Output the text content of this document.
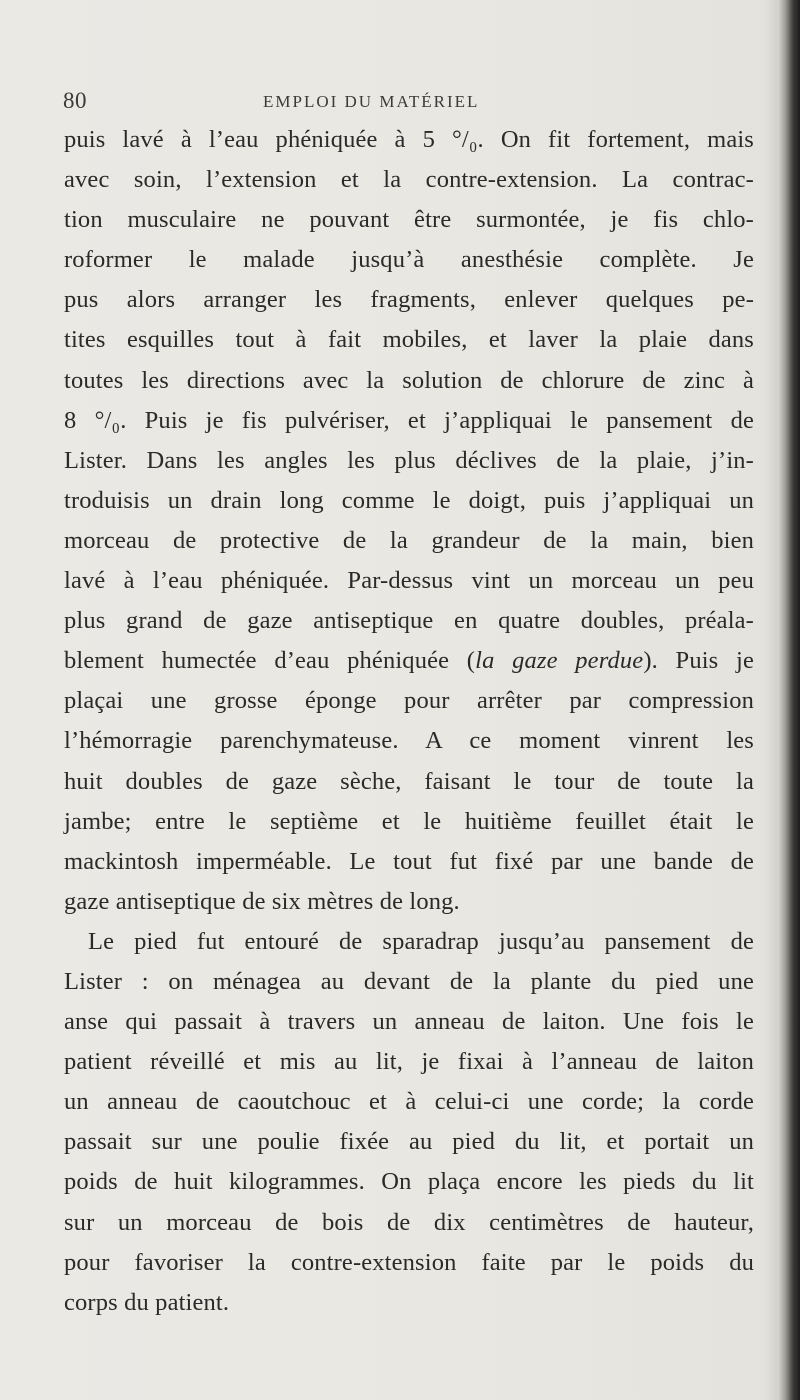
80	EMPLOI DU MATÉRIEL
puis lavé à l’eau phéniquée à 5 °/₀. On fit fortement, mais
avec soin, l’extension et la contre-extension. La contrac-
tion musculaire ne pouvant être surmontée, je fis chlo-
roformer le malade jusqu’à anesthésie complète. Je
pus alors arranger les fragments, enlever quelques pe-
tites esquilles tout à fait mobiles, et laver la plaie dans
toutes les directions avec la solution de chlorure de zinc à
8 °/₀. Puis je fis pulvériser, et j’appliquai le pansement de
Lister. Dans les angles les plus déclives de la plaie, j’in-
troduisis un drain long comme le doigt, puis j’appliquai un
morceau de protective de la grandeur de la main, bien
lavé à l’eau phéniquée. Par-dessus vint un morceau un peu
plus grand de gaze antiseptique en quatre doubles, préala-
blement humectée d’eau phéniquée (la gaze perdue). Puis je
plaçai une grosse éponge pour arrêter par compression
l’hémorragie parenchymateuse. A ce moment vinrent les
huit doubles de gaze sèche, faisant le tour de toute la
jambe; entre le septième et le huitième feuillet était le
mackintosh imperméable. Le tout fut fixé par une bande de
gaze antiseptique de six mètres de long.
Le pied fut entouré de sparadrap jusqu’au pansement de
Lister : on ménagea au devant de la plante du pied une
anse qui passait à travers un anneau de laiton. Une fois le
patient réveillé et mis au lit, je fixai à l’anneau de laiton
un anneau de caoutchouc et à celui-ci une corde; la corde
passait sur une poulie fixée au pied du lit, et portait un
poids de huit kilogrammes. On plaça encore les pieds du lit
sur un morceau de bois de dix centimètres de hauteur,
pour favoriser la contre-extension faite par le poids du
corps du patient.
